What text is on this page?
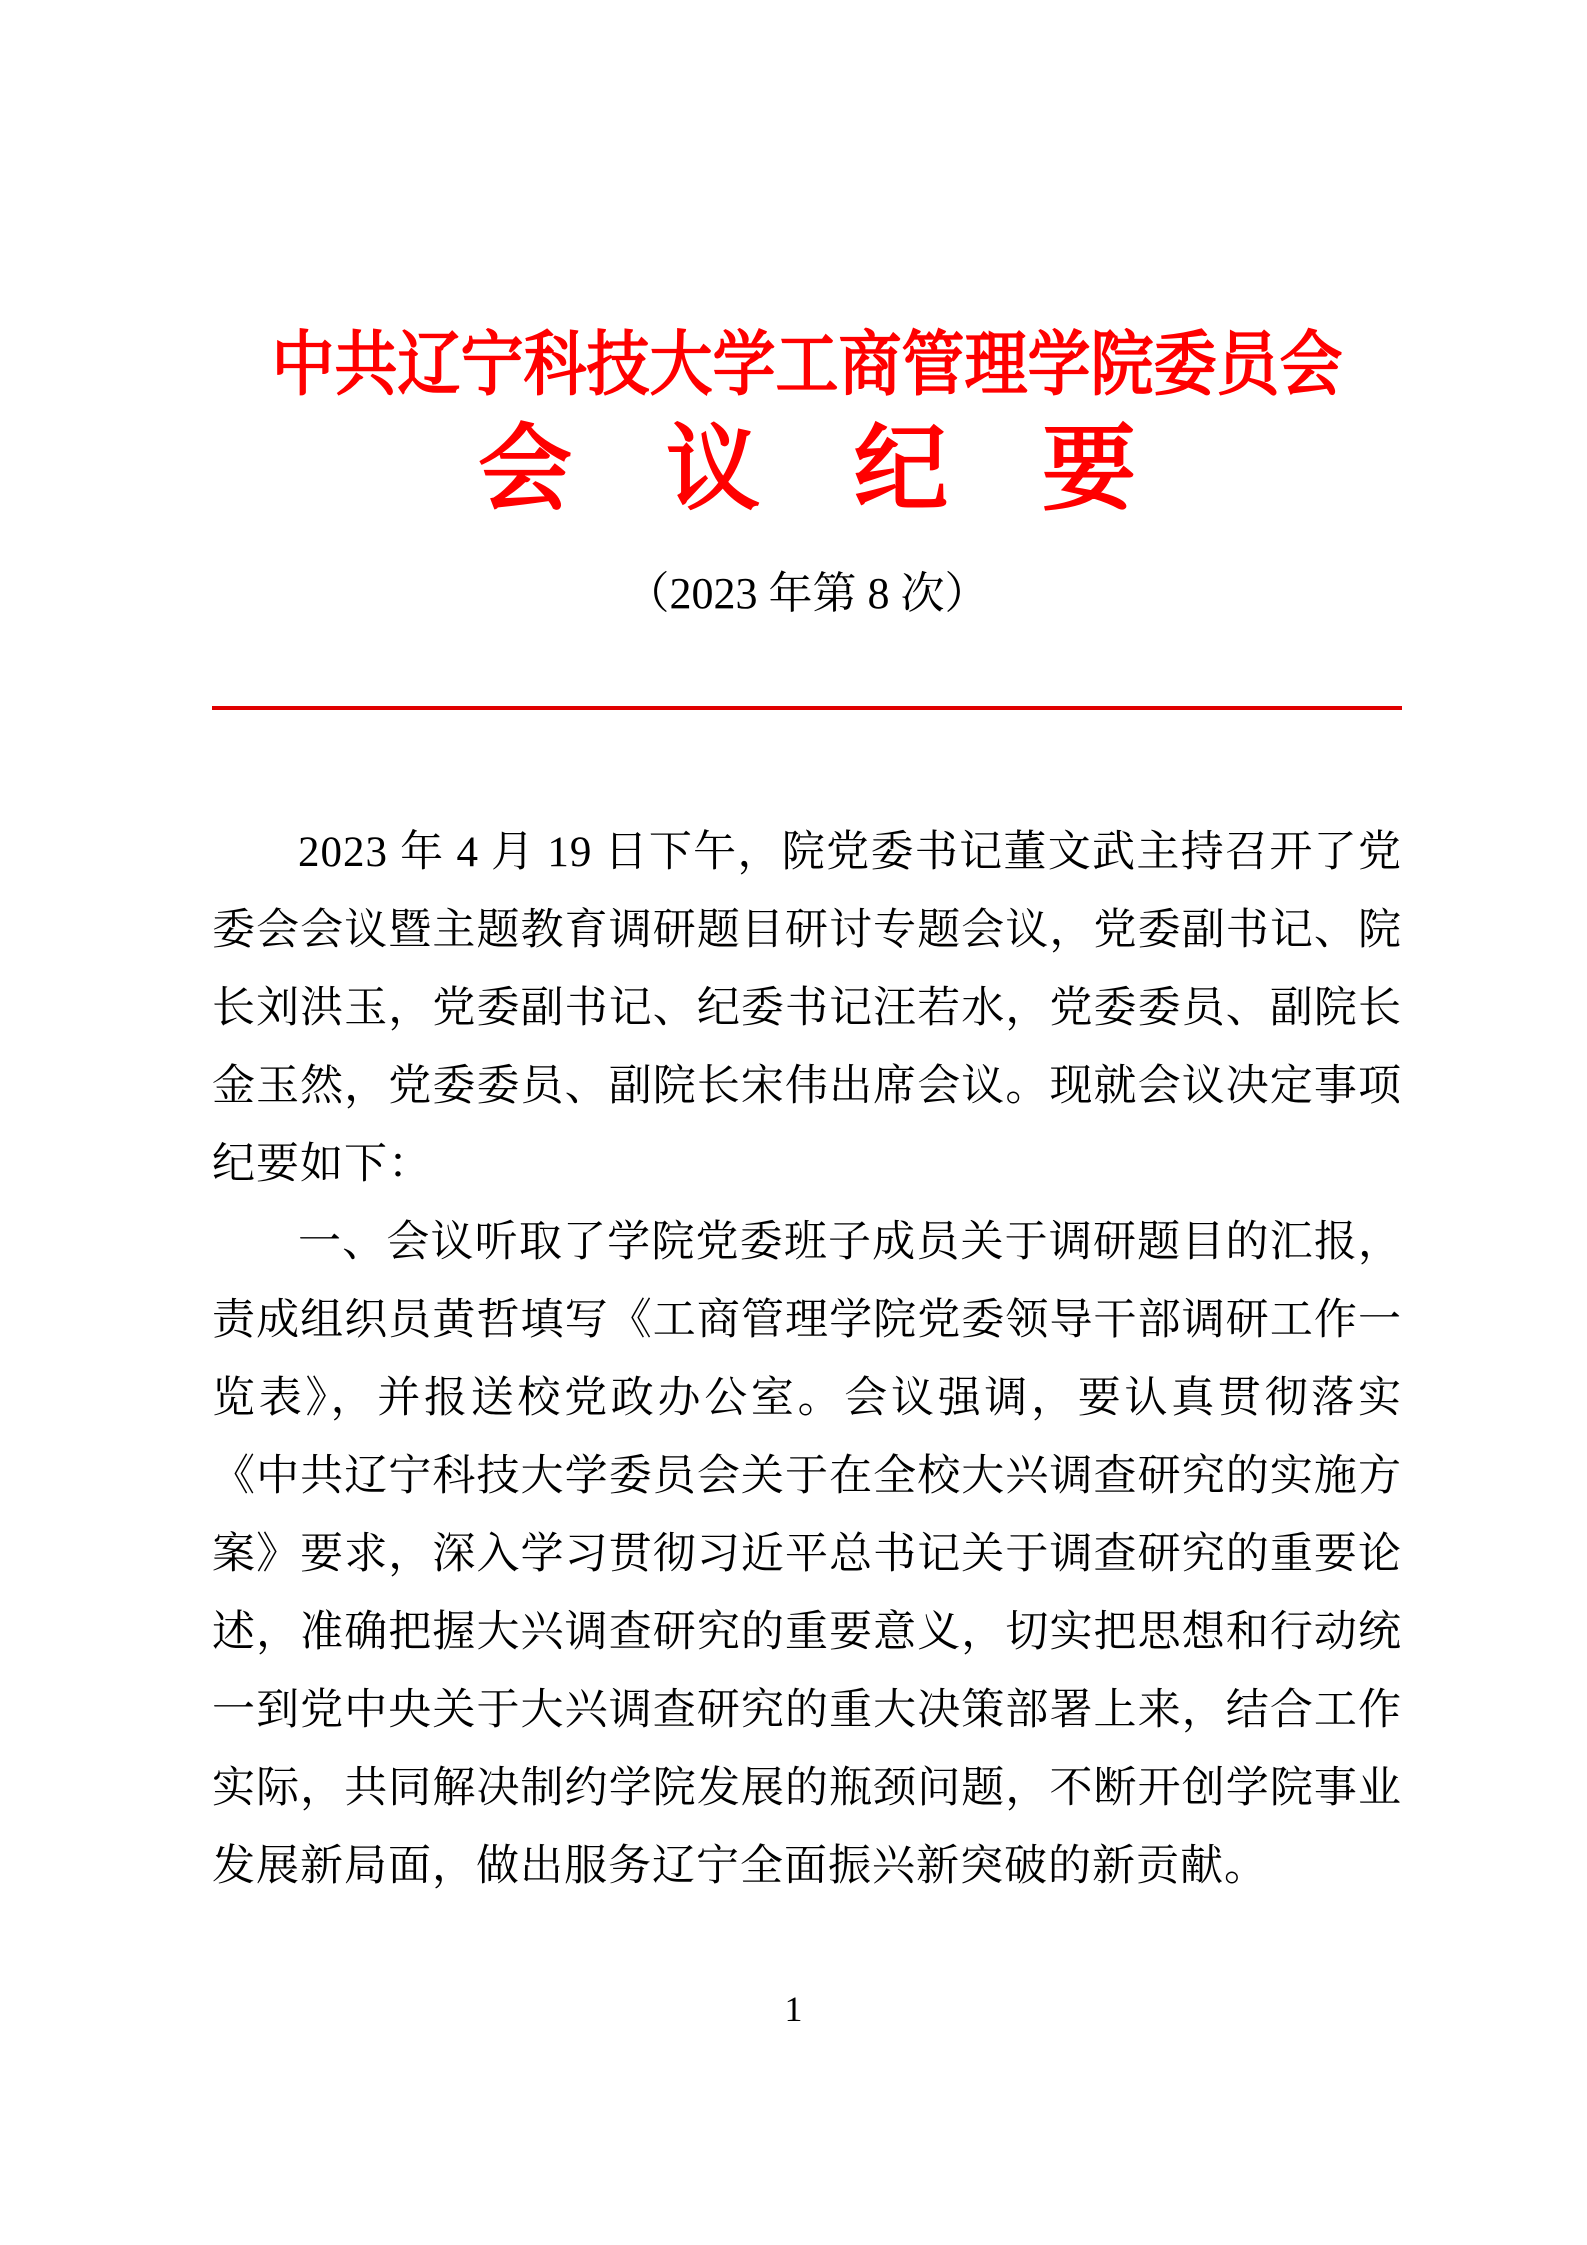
中共辽宁科技大学工商管理学院委员会
会　议　纪　要
（2023 年第 8 次）

2023 年 4 月 19 日下午，院党委书记董文武主持召开了党委会会议暨主题教育调研题目研讨专题会议，党委副书记、院长刘洪玉，党委副书记、纪委书记汪若水，党委委员、副院长金玉然，党委委员、副院长宋伟出席会议。现就会议决定事项纪要如下：

一、会议听取了学院党委班子成员关于调研题目的汇报，责成组织员黄哲填写《工商管理学院党委领导干部调研工作一览表》，并报送校党政办公室。会议强调，要认真贯彻落实《中共辽宁科技大学委员会关于在全校大兴调查研究的实施方案》要求，深入学习贯彻习近平总书记关于调查研究的重要论述，准确把握大兴调查研究的重要意义，切实把思想和行动统一到党中央关于大兴调查研究的重大决策部署上来，结合工作实际，共同解决制约学院发展的瓶颈问题，不断开创学院事业发展新局面，做出服务辽宁全面振兴新突破的新贡献。

1
